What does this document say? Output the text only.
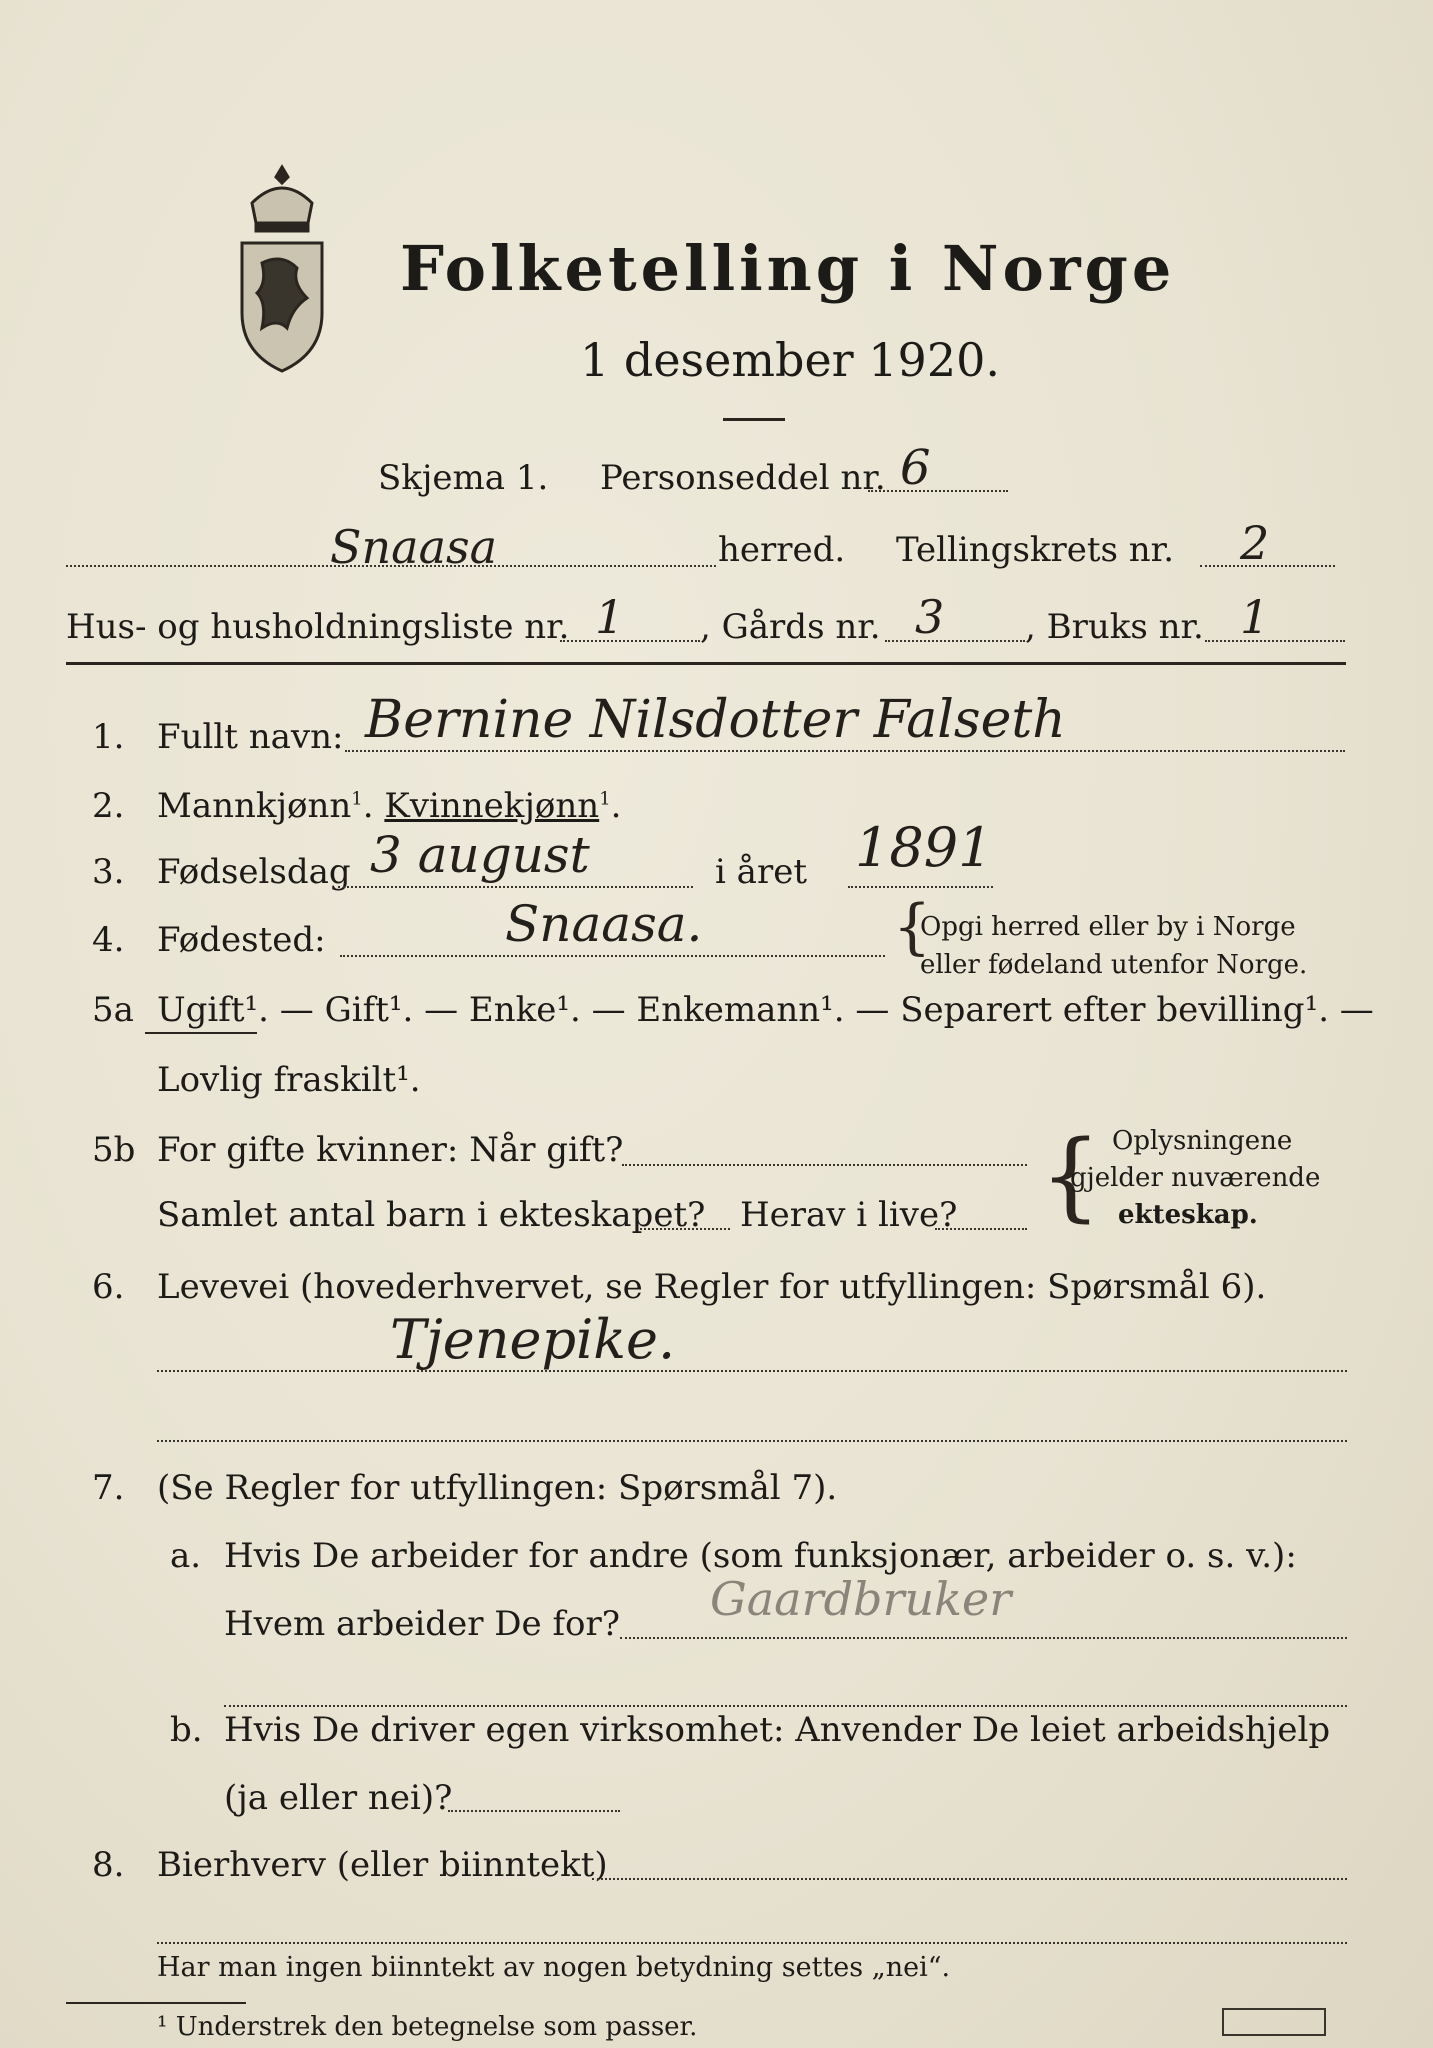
Folketelling i Norge
1 desember 1920.
Skjema 1. Personseddel nr. 6
Snaasa	herred. Tellingskrets nr. 2
Hus- og husholdningsliste nr. 1 , Gårds nr. 3 , Bruks nr. 1
1. Fullt navn: Bernine Nilsdotter Falseth
2. Mannkjønn$^1$. Kvinnekjønn$^1$.
3. Fødselsdag 3 august	i året 1891
4. Fødested:	Snaasa.	{
Opgi herred eller by i Norge
eller fødeland utenfor Norge.
5a Ugift¹. — Gift¹. — Enke¹. — Enkemann¹. — Separert efter bevilling¹. —
Lovlig fraskilt¹.
5b For gifte kvinner: Når gift?
Samlet antal barn i ekteskapet? Herav i live? { Oplysningene
gjelder nuværende
ekteskap.
6. Levevei (hovederhvervet, se Regler for utfyllingen: Spørsmål 6).
Tjenepike.
7. (Se Regler for utfyllingen: Spørsmål 7).
a. Hvis De arbeider for andre (som funksjonær, arbeider o. s. v.):
Hvem arbeider De for? Gaardbruker
b. Hvis De driver egen virksomhet: Anvender De leiet arbeidshjelp
(ja eller nei)?
8. Bierhverv (eller biinntekt)
Har man ingen biinntekt av nogen betydning settes „nei“.
¹ Understrek den betegnelse som passer.
